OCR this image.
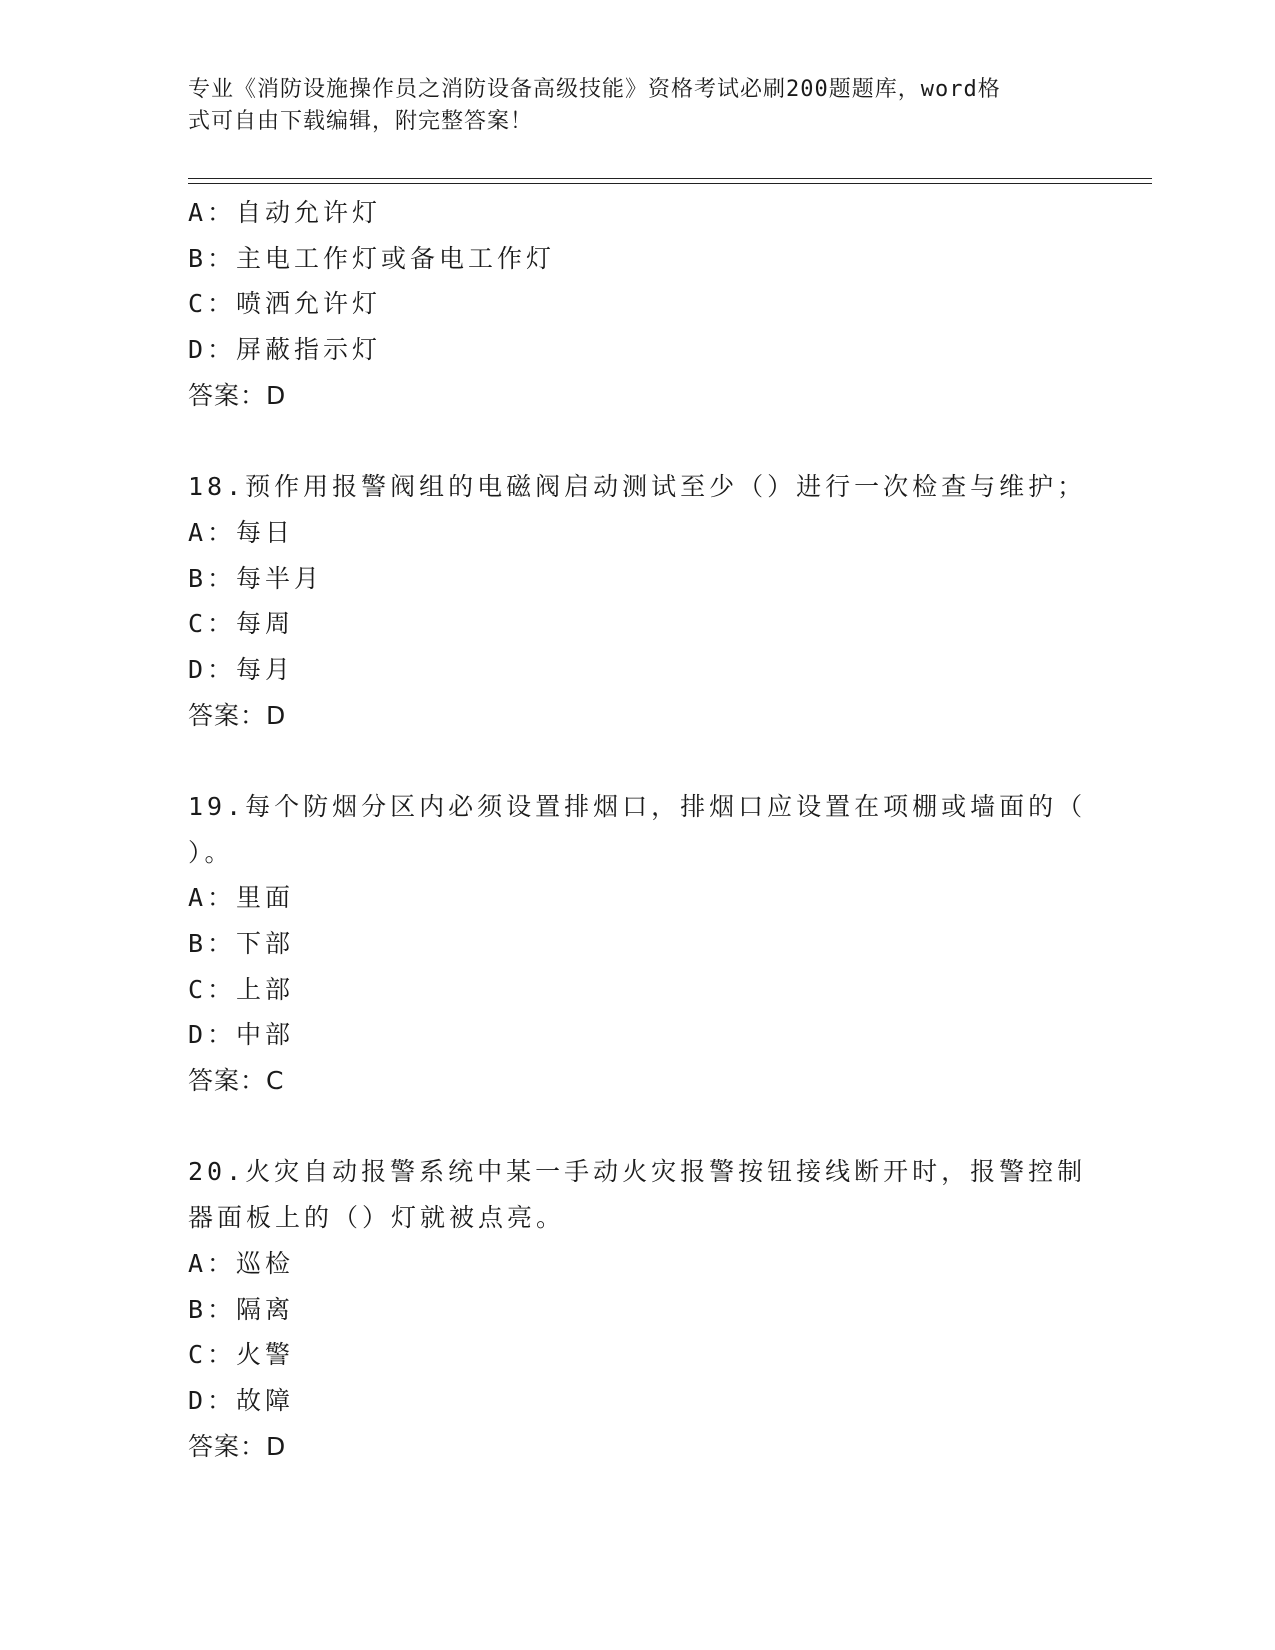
专业《消防设施操作员之消防设备高级技能》资格考试必刷200题题库，word格
式可自由下载编辑，附完整答案！
A：自动允许灯
B：主电工作灯或备电工作灯
C：喷洒允许灯
D：屏蔽指示灯
答案：D
18.预作用报警阀组的电磁阀启动测试至少（）进行一次检查与维护；
A：每日
B：每半月
C：每周
D：每月
答案：D
19.每个防烟分区内必须设置排烟口，排烟口应设置在项棚或墙面的（
）。
A：里面
B：下部
C：上部
D：中部
答案：C
20.火灾自动报警系统中某一手动火灾报警按钮接线断开时，报警控制
器面板上的（）灯就被点亮。
A：巡检
B：隔离
C：火警
D：故障
答案：D
